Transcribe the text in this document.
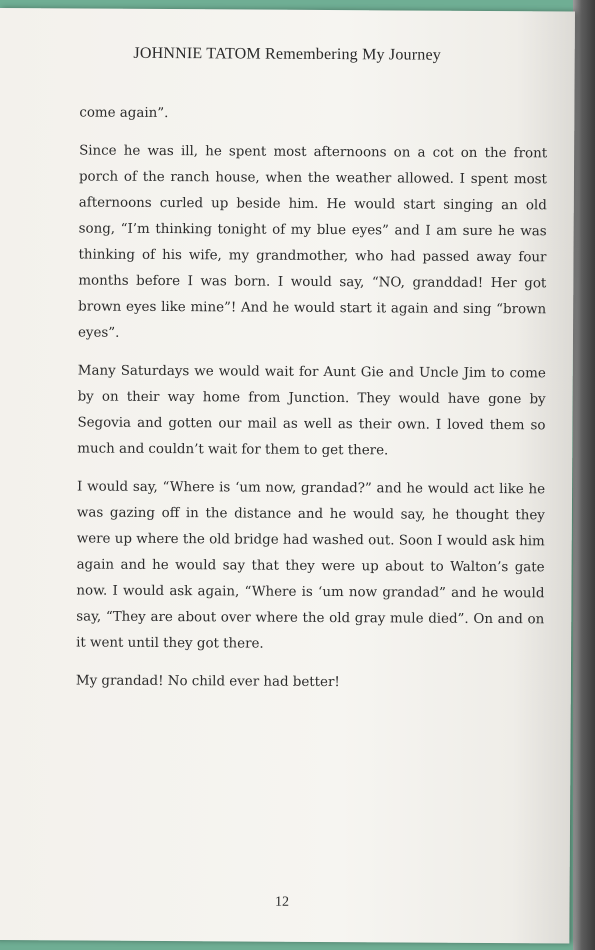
JOHNNIE TATOM Remembering My Journey

come again”.

Since he was ill, he spent most afternoons on a cot on the front porch of the ranch house, when the weather allowed. I spent most afternoons curled up beside him. He would start singing an old song, “I’m thinking tonight of my blue eyes” and I am sure he was thinking of his wife, my grandmother, who had passed away four months before I was born. I would say, “NO, granddad! Her got brown eyes like mine”! And he would start it again and sing “brown eyes”.

Many Saturdays we would wait for Aunt Gie and Uncle Jim to come by on their way home from Junction. They would have gone by Segovia and gotten our mail as well as their own. I loved them so much and couldn’t wait for them to get there.

I would say, “Where is ‘um now, grandad?” and he would act like he was gazing off in the distance and he would say, he thought they were up where the old bridge had washed out. Soon I would ask him again and he would say that they were up about to Walton’s gate now. I would ask again, “Where is ‘um now grandad” and he would say, “They are about over where the old gray mule died”. On and on it went until they got there.

My grandad! No child ever had better!

12
